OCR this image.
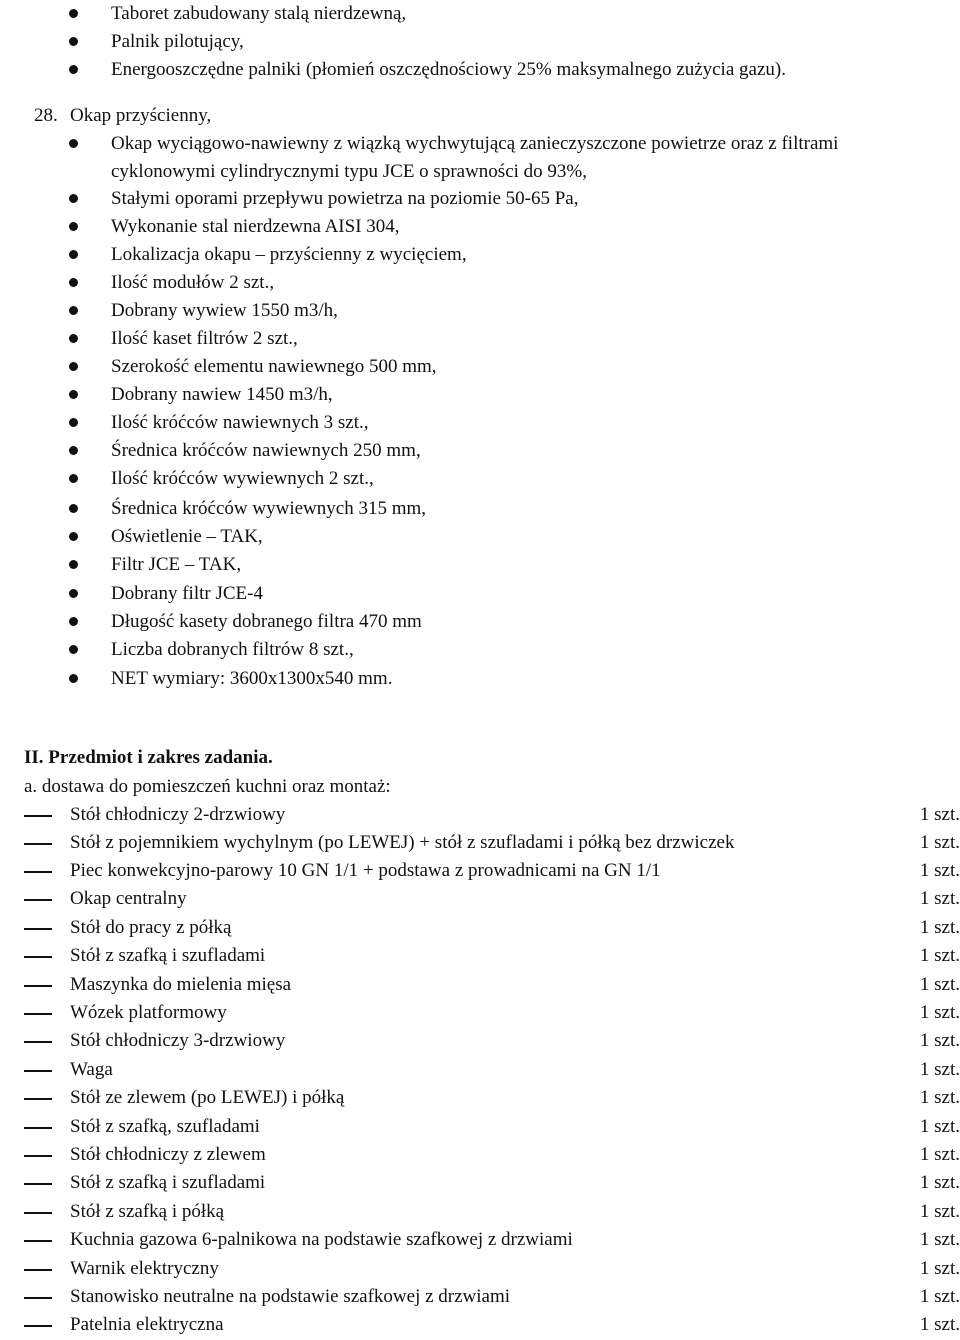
Taboret zabudowany stalą nierdzewną,
Palnik pilotujący,
Energooszczędne palniki (płomień oszczędnościowy 25% maksymalnego zużycia gazu).
28. Okap przyścienny,
Okap wyciągowo-nawiewny z wiązką wychwytującą zanieczyszczone powietrze oraz z filtrami cyklonowymi cylindrycznymi typu JCE o sprawności do 93%,
Stałymi oporami przepływu powietrza na poziomie 50-65 Pa,
Wykonanie stal nierdzewna AISI 304,
Lokalizacja okapu – przyścienny z wycięciem,
Ilość modułów 2 szt.,
Dobrany wywiew 1550 m3/h,
Ilość kaset filtrów 2 szt.,
Szerokość elementu nawiewnego 500 mm,
Dobrany nawiew 1450 m3/h,
Ilość króćców nawiewnych 3 szt.,
Średnica króćców nawiewnych 250 mm,
Ilość króćców wywiewnych 2 szt.,
Średnica króćców wywiewnych 315 mm,
Oświetlenie – TAK,
Filtr JCE – TAK,
Dobrany filtr JCE-4
Długość kasety dobranego filtra 470 mm
Liczba dobranych filtrów 8 szt.,
NET wymiary: 3600x1300x540 mm.
II. Przedmiot i zakres zadania.
a. dostawa do pomieszczeń kuchni oraz montaż:
Stół chłodniczy 2-drzwiowy	1 szt.
Stół z pojemnikiem wychylnym (po LEWEJ) + stół z szufladami i półką bez drzwiczek	1 szt.
Piec konwekcyjno-parowy 10 GN 1/1 + podstawa z prowadnicami na GN 1/1	1 szt.
Okap centralny	1 szt.
Stół do pracy z półką	1 szt.
Stół z szafką i szufladami	1 szt.
Maszynka do mielenia mięsa	1 szt.
Wózek platformowy	1 szt.
Stół chłodniczy 3-drzwiowy	1 szt.
Waga	1 szt.
Stół ze zlewem (po LEWEJ) i półką	1 szt.
Stół z szafką, szufladami	1 szt.
Stół chłodniczy z zlewem	1 szt.
Stół z szafką i szufladami	1 szt.
Stół z szafką i półką	1 szt.
Kuchnia gazowa 6-palnikowa na podstawie szafkowej z drzwiami	1 szt.
Warnik elektryczny	1 szt.
Stanowisko neutralne na podstawie szafkowej z drzwiami	1 szt.
Patelnia elektryczna	1 szt.
